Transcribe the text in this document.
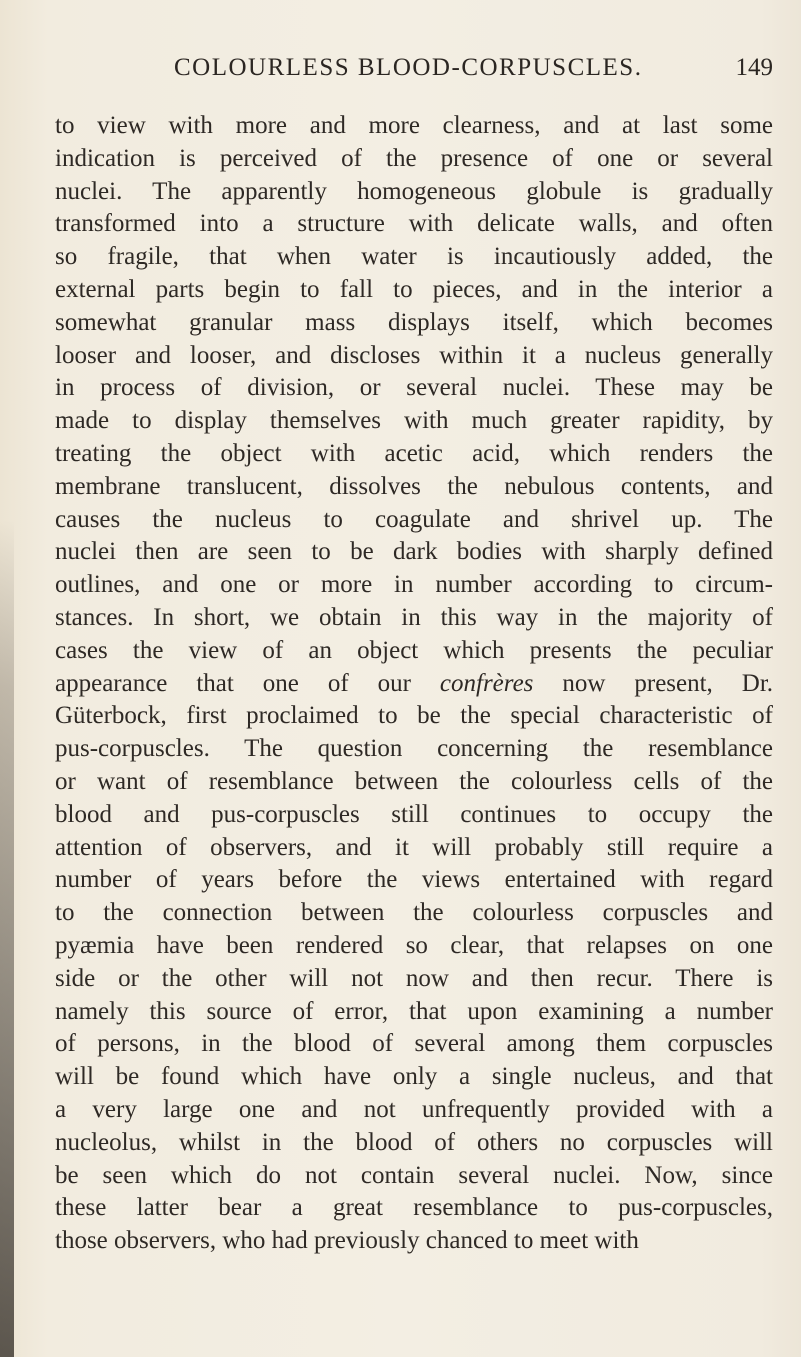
COLOURLESS BLOOD-CORPUSCLES.	149
to view with more and more clearness, and at last some
indication is perceived of the presence of one or several
nuclei. The apparently homogeneous globule is gradually
transformed into a structure with delicate walls, and often
so fragile, that when water is incautiously added, the
external parts begin to fall to pieces, and in the interior a
somewhat granular mass displays itself, which becomes
looser and looser, and discloses within it a nucleus generally
in process of division, or several nuclei. These may be
made to display themselves with much greater rapidity, by
treating the object with acetic acid, which renders the
membrane translucent, dissolves the nebulous contents, and
causes the nucleus to coagulate and shrivel up. The
nuclei then are seen to be dark bodies with sharply defined
outlines, and one or more in number according to circum-
stances. In short, we obtain in this way in the majority of
cases the view of an object which presents the peculiar
appearance that one of our confrères now present, Dr.
Güterbock, first proclaimed to be the special characteristic of
pus-corpuscles. The question concerning the resemblance
or want of resemblance between the colourless cells of the
blood and pus-corpuscles still continues to occupy the
attention of observers, and it will probably still require a
number of years before the views entertained with regard
to the connection between the colourless corpuscles and
pyæmia have been rendered so clear, that relapses on one
side or the other will not now and then recur. There is
namely this source of error, that upon examining a number
of persons, in the blood of several among them corpuscles
will be found which have only a single nucleus, and that
a very large one and not unfrequently provided with a
nucleolus, whilst in the blood of others no corpuscles will
be seen which do not contain several nuclei. Now, since
these latter bear a great resemblance to pus-corpuscles,
those observers, who had previously chanced to meet with
